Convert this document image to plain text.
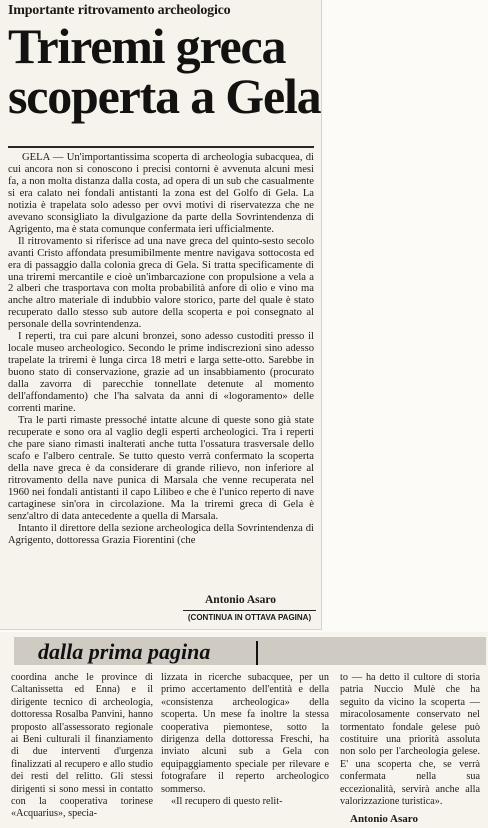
Importante ritrovamento archeologico
Triremi greca
scoperta a Gela

GELA — Un'importantissima scoperta di archeologia subacquea, di cui ancora non si conoscono i precisi contorni è avvenuta alcuni mesi fa, a non molta distanza dalla costa, ad opera di un sub che casualmente si era calato nei fondali antistanti la zona est del Golfo di Gela. La notizia è trapelata solo adesso per ovvi motivi di riservatezza che ne avevano sconsigliato la divulgazione da parte della Sovrintendenza di Agrigento, ma è stata comunque confermata ieri ufficialmente.

Il ritrovamento si riferisce ad una nave greca del quinto-sesto secolo avanti Cristo affondata presumibilmente mentre navigava sottocosta ed era di passaggio dalla colonia greca di Gela. Si tratta specificamente di una triremi mercantile e cioè un'imbarcazione con propulsione a vela a 2 alberi che trasportava con molta probabilità anfore di olio e vino ma anche altro materiale di indubbio valore storico, parte del quale è stato recuperato dallo stesso sub autore della scoperta e poi consegnato al personale della sovrintendenza.

I reperti, tra cui pare alcuni bronzei, sono adesso custoditi presso il locale museo archeologico. Secondo le prime indiscrezioni sino adesso trapelate la triremi è lunga circa 18 metri e larga sette-otto. Sarebbe in buono stato di conservazione, grazie ad un insabbiamento (procurato dalla zavorra di parecchie tonnellate detenute al momento dell'affondamento) che l'ha salvata da anni di «logoramento» delle correnti marine.

Tra le parti rimaste pressoché intatte alcune di queste sono già state recuperate e sono ora al vaglio degli esperti archeologici. Tra i reperti che pare siano rimasti inalterati anche tutta l'ossatura trasversale dello scafo e l'albero centrale. Se tutto questo verrà confermato la scoperta della nave greca è da considerare di grande rilievo, non inferiore al ritrovamento della nave punica di Marsala che venne recuperata nel 1960 nei fondali antistanti il capo Lilibeo e che è l'unico reperto di nave cartaginese sin'ora in circolazione. Ma la triremi greca di Gela è senz'altro di data antecedente a quella di Marsala.

Intanto il direttore della sezione archeologica della Sovrintendenza di Agrigento, dottoressa Grazia Fiorentini (che

Antonio Asaro
(CONTINUA IN OTTAVA PAGINA)
dalla prima pagina

coordina anche le province di Caltanissetta ed Enna) e il dirigente tecnico di archeologia, dottoressa Rosalba Panvini, hanno proposto all'assessorato regionale ai Beni culturali il finanziamento di due interventi d'urgenza finalizzati al recupero e allo studio dei resti del relitto. Gli stessi dirigenti si sono messi in contatto con la cooperativa torinese «Acquarius», specia-

lizzata in ricerche subacquee, per un primo accertamento dell'entità e della «consistenza archeologica» della scoperta. Un mese fa inoltre la stessa cooperativa piemontese, sotto la dirigenza della dottoressa Freschi, ha inviato alcuni sub a Gela con equipaggiamento speciale per rilevare e fotografare il reperto archeologico sommerso.

«Il recupero di questo relit-

to — ha detto il cultore di storia patria Nuccio Mulè che ha seguito da vicino la scoperta — miracolosamente conservato nel tormentato fondale gelese può costituire una priorità assoluta non solo per l'archeologia gelese. E' una scoperta che, se verrà confermata nella sua eccezionalità, servirà anche alla valorizzazione turistica».

Antonio Asaro
